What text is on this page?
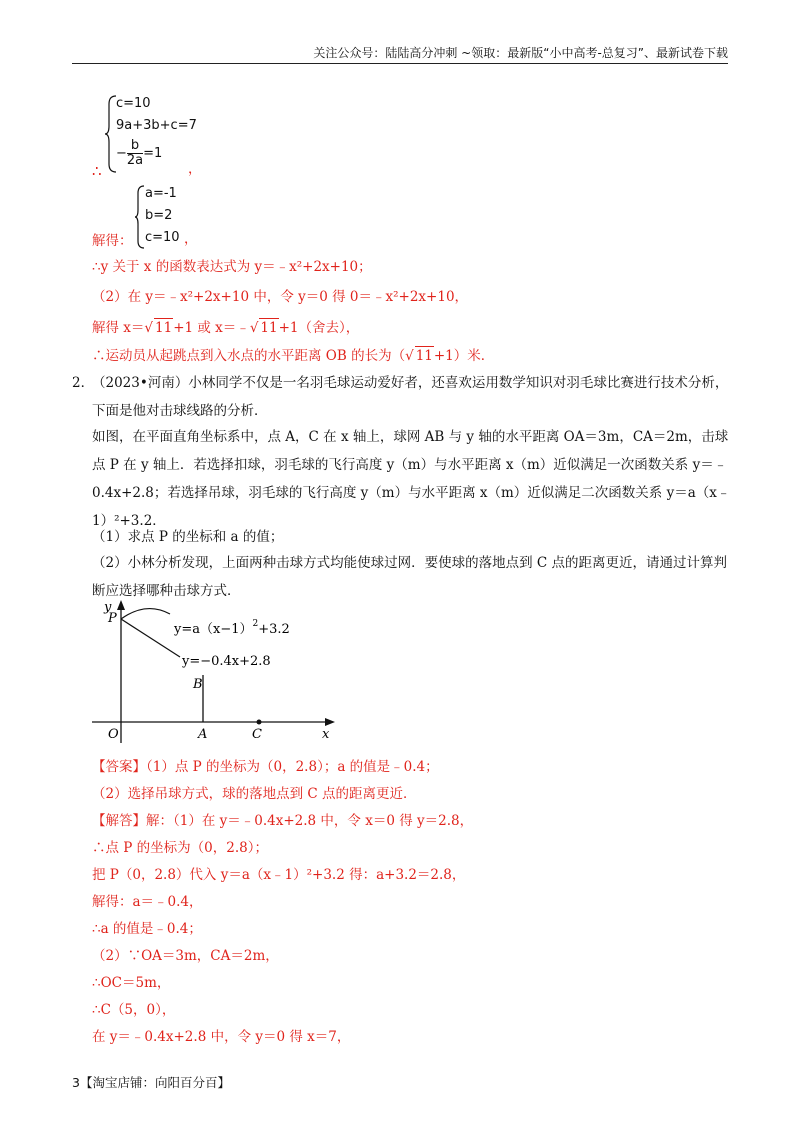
关注公众号：陆陆高分冲刺 ~领取：最新版“小中高考-总复习”、最新试卷下载
∴
c=10
9a+3b+c=7
− $\frac{b}{2a} =1$
，
解得：
a=-1
b=2
c=10 ，
∴y 关于 x 的函数表达式为 y＝﹣x²+2x+10；
（2）在 y＝﹣x²+2x+10 中，令 y＝0 得 0＝﹣x²+2x+10，
解得 x＝√ 11+1 或 x＝﹣√ 11+1（舍去），
∴运动员从起跳点到入水点的水平距离 OB 的长为（√ 11+1）米．
2．
（2023•河南）小林同学不仅是一名羽毛球运动爱好者，还喜欢运用数学知识对羽毛球比赛进行技术分析，下面是他对击球线路的分析．
如图，在平面直角坐标系中，点 A，C 在 x 轴上，球网 AB 与 y 轴的水平距离 OA＝3m，CA＝2m，击球点 P 在 y 轴上．若选择扣球，羽毛球的飞行高度 y（m）与水平距离 x（m）近似满足一次函数关系 y＝﹣0.4x+2.8；若选择吊球，羽毛球的飞行高度 y（m）与水平距离 x（m）近似满足二次函数关系 y＝a（x﹣1）²+3.2．
（1）求点 P 的坐标和 a 的值；
（2）小林分析发现，上面两种击球方式均能使球过网．要使球的落地点到 C 点的距离更近，请通过计算判断应选择哪种击球方式．
y
x
O
P
A
B
C
$y=a(x-1)^2+3.2$
y=−0.4x+2.8
【答案】（1）点 P 的坐标为（0，2.8）；a 的值是﹣0.4；
（2）选择吊球方式，球的落地点到 C 点的距离更近．
【解答】解：（1）在 y＝﹣0.4x+2.8 中，令 x＝0 得 y＝2.8，
∴点 P 的坐标为（0，2.8）；
把 P（0，2.8）代入 y＝a（x﹣1）²+3.2 得：a+3.2＝2.8，
解得：a＝﹣0.4，
∴a 的值是﹣0.4；
（2）∵OA＝3m，CA＝2m，
∴OC＝5m，
∴C（5，0），
在 y＝﹣0.4x+2.8 中，令 y＝0 得 x＝7，
3【淘宝店铺：向阳百分百】
